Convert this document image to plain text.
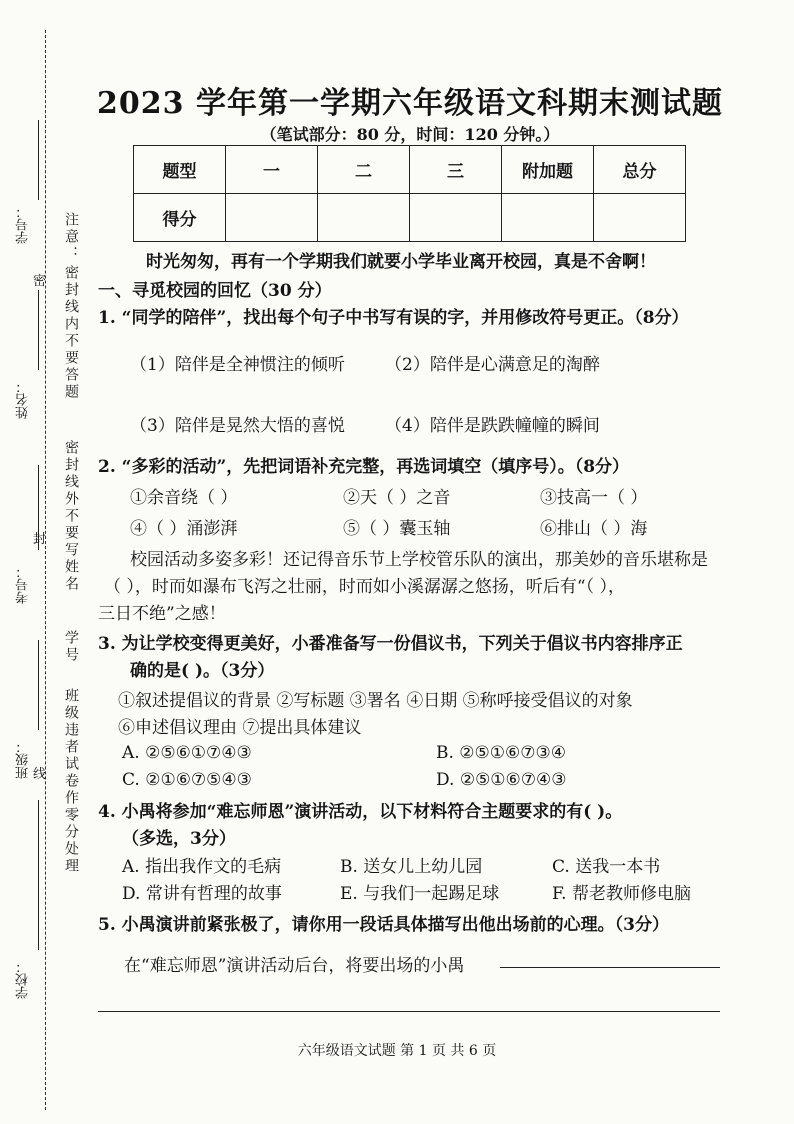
学号：
姓名：
考号：
班级：
学校：
密
封
线
注意：
密封线内不要答题
密封线外不要写姓名
学号
班级违者试卷作零分处理
2023 学年第一学期六年级语文科期末测试题
（笔试部分：80 分，时间：120 分钟。）
题型	一	二	三	附加题	总分
得分					
时光匆匆，再有一个学期我们就要小学毕业离开校园，真是不舍啊！
一、寻觅校园的回忆（30 分）
1. “同学的陪伴”，找出每个句子中书写有误的字，并用修改符号更正。（8分）
（1）陪伴是全神惯注的倾听 （2）陪伴是心满意足的淘醉
（3）陪伴是晃然大悟的喜悦 （4）陪伴是跌跌幢幢的瞬间
2. “多彩的活动”，先把词语补充完整，再选词填空（填序号）。（8分）
①余音绕（ ）	②天（ ）之音	③技高一（ ）
④（ ）涌澎湃	⑤（ ）囊玉轴	⑥排山（ ）海
校园活动多姿多彩！还记得音乐节上学校管乐队的演出，那美妙的音乐堪称是
（ ），时而如瀑布飞泻之壮丽，时而如小溪潺潺之悠扬，听后有“（ ），
三日不绝”之感！
3. 为让学校变得更美好，小番准备写一份倡议书，下列关于倡议书内容排序正
确的是( )。（3分）
①叙述提倡议的背景 ②写标题 ③署名 ④日期 ⑤称呼接受倡议的对象
⑥申述倡议理由 ⑦提出具体建议
A. ②⑤⑥①⑦④③	B. ②⑤①⑥⑦③④
C. ②①⑥⑦⑤④③	D. ②⑤①⑥⑦④③
4. 小禺将参加“难忘师恩”演讲活动，以下材料符合主题要求的有( )。
（多选，3分）
A. 指出我作文的毛病	B. 送女儿上幼儿园	C. 送我一本书
D. 常讲有哲理的故事	E. 与我们一起踢足球	F. 帮老教师修电脑
5. 小禺演讲前紧张极了，请你用一段话具体描写出他出场前的心理。（3分）
在“难忘师恩”演讲活动后台，将要出场的小禺
六年级语文试题 第 1 页 共 6 页
